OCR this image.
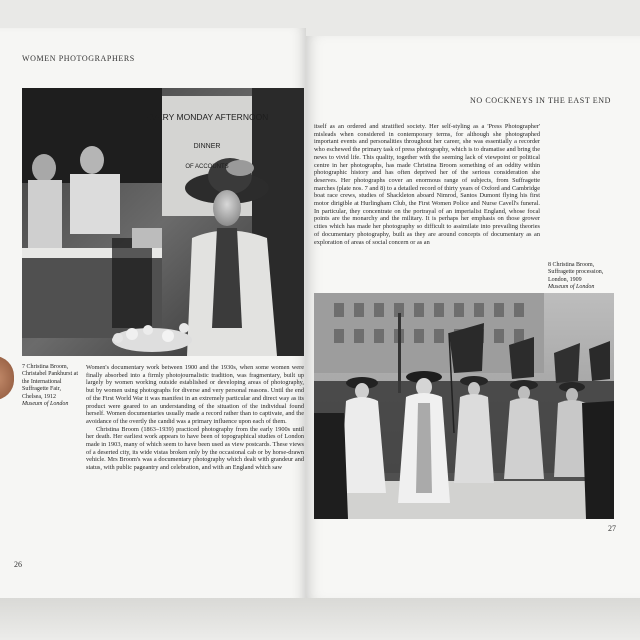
WOMEN PHOTOGRAPHERS
NO COCKNEYS IN THE EAST END
EVERY MONDAY AFTERNOON
DINNER
OF ACCOUNTS
7 Christina Broom, Christabel Pankhurst at the International Suffragette Fair, Chelsea, 1912
Museum of London
8 Christina Broom, Suffragette procession, London, 1909
Museum of London

Women's documentary work between 1900 and the 1930s, when some women were finally absorbed into a firmly photojournalistic tradition, was fragmentary, built up largely by women working outside established or developing areas of photography, but by women using photographs for diverse and very personal reasons. Until the end of the First World War it was manifest in an extremely particular and direct way as its product were geared to an understanding of the situation of the individual found herself. Women documentaries usually made a record rather than to captivate, and the avoidance of the overtly the candid was a primary influence upon each of them.

Christina Broom (1863–1939) practiced photography from the early 1900s until her death. Her earliest work appears to have been of topographical studies of London made in 1903, many of which seem to have been used as view postcards. These views of a deserted city, its wide vistas broken only by the occasional cab or by horse-drawn vehicle. Mrs Broom's was a documentary photography which dealt with grandeur and status, with public pageantry and celebration, and with an England which saw

itself as an ordered and stratified society. Her self-styling as a 'Press Photographer' misleads when considered in contemporary terms, for although she photographed important events and personalities throughout her career, she was essentially a recorder who eschewed the primary task of press photography, which is to dramatise and bring the news to vivid life. This quality, together with the seeming lack of viewpoint or political centre in her photographs, has made Christina Broom something of an oddity within photographic history and has often deprived her of the serious consideration she deserves. Her photographs cover an enormous range of subjects, from Suffragette marches (plate nos. 7 and 8) to a detailed record of thirty years of Oxford and Cambridge boat race crews, studies of Shackleton aboard Nimrod, Santos Dumont flying his first motor dirigible at Hurlingham Club, the First Women Police and Nurse Cavell's funeral. In particular, they concentrate on the portrayal of an imperialist England, whose focal points are the monarchy and the military. It is perhaps her emphasis on those grower cities which has made her photography so difficult to assimilate into prevailing theories of documentary photography, built as they are around concepts of documentary as an exploration of areas of social concern or as an

26
27
